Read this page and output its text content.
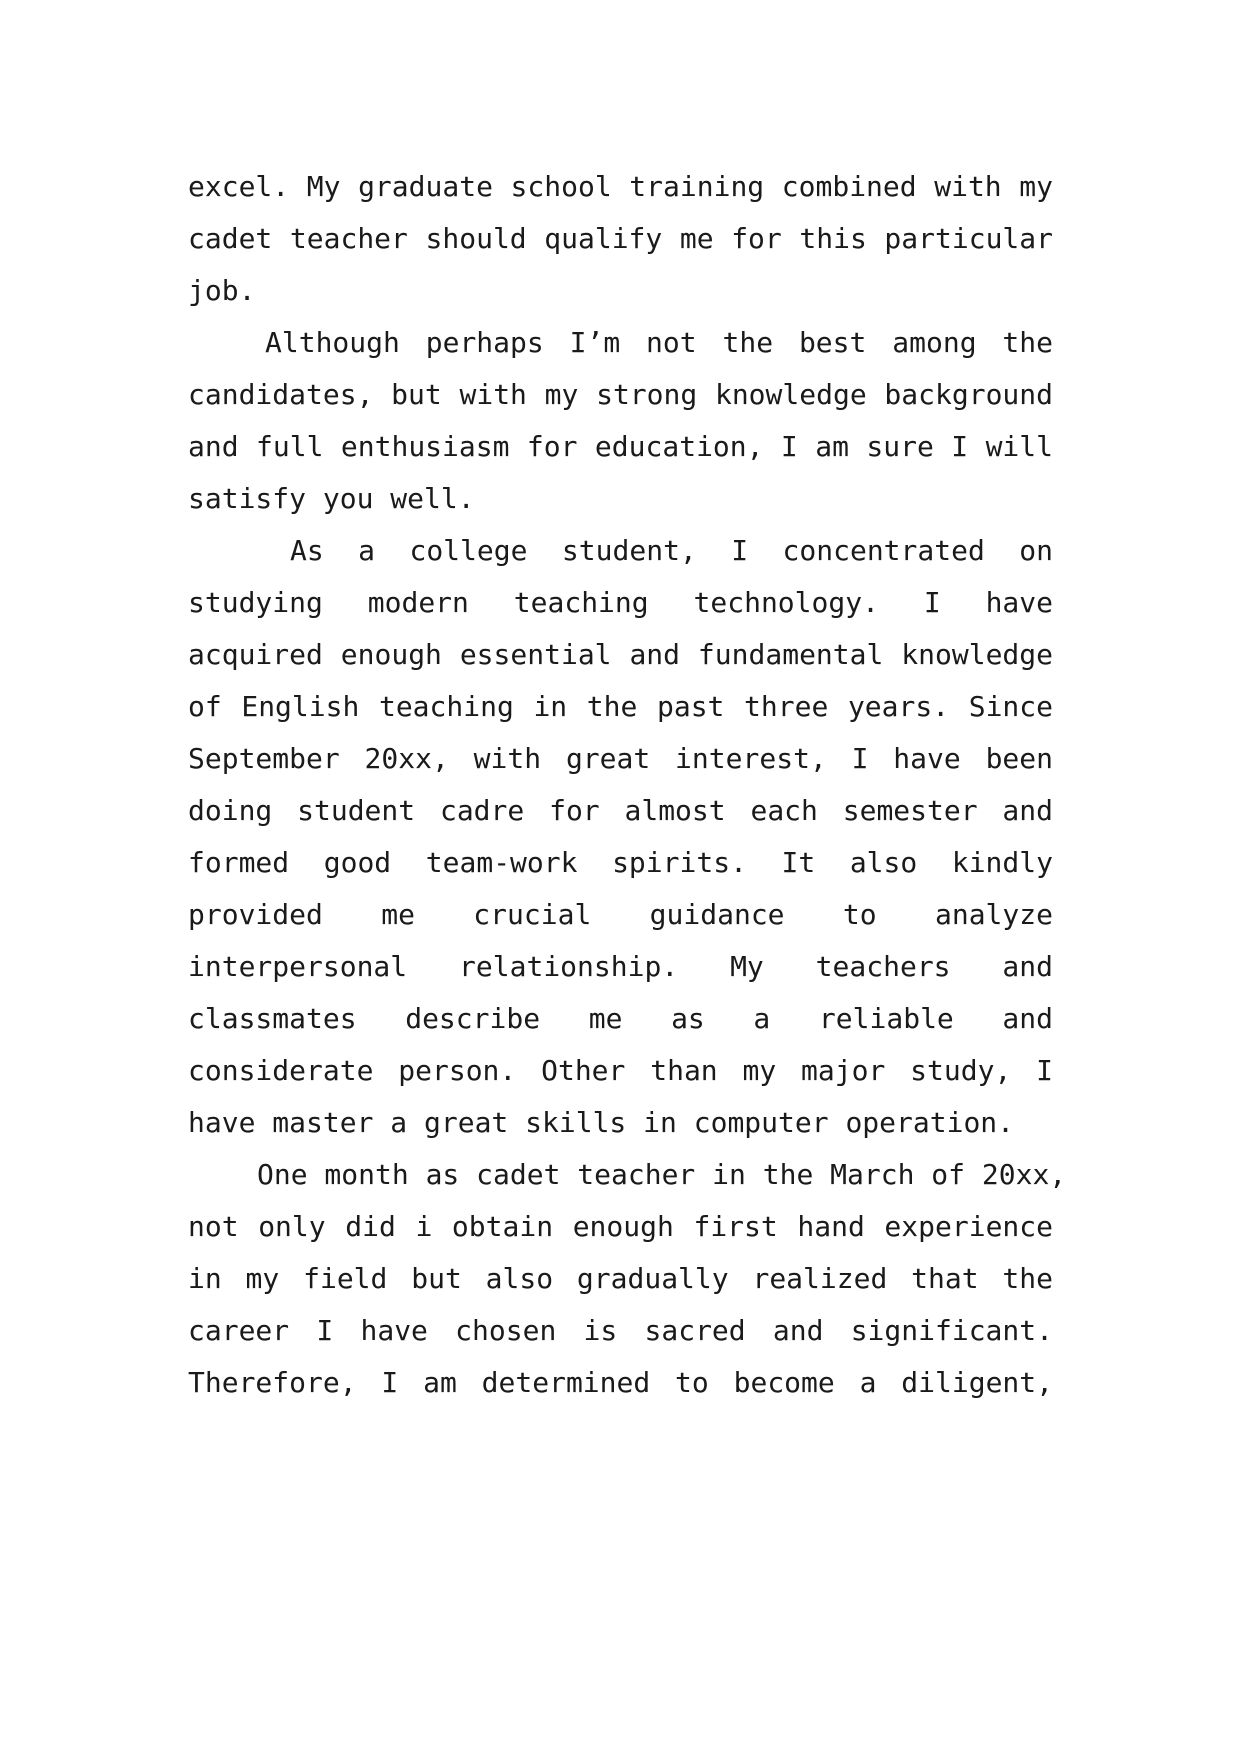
excel. My graduate school training combined with my

cadet teacher should qualify me for this particular

job.

Although perhaps I’m not the best among the

candidates, but with my strong knowledge background

and full enthusiasm for education, I am sure I will

satisfy you well.

As a college student, I concentrated on

studying modern teaching technology. I have

acquired enough essential and fundamental knowledge

of English teaching in the past three years. Since

September 20xx, with great interest, I have been

doing student cadre for almost each semester and

formed good team-work spirits. It also kindly

provided me crucial guidance to analyze

interpersonal relationship. My teachers and

classmates describe me as a reliable and

considerate person. Other than my major study, I

have master a great skills in computer operation.

One month as cadet teacher in the March of 20xx,

not only did i obtain enough first hand experience

in my field but also gradually realized that the

career I have chosen is sacred and significant.

Therefore, I am determined to become a diligent,
